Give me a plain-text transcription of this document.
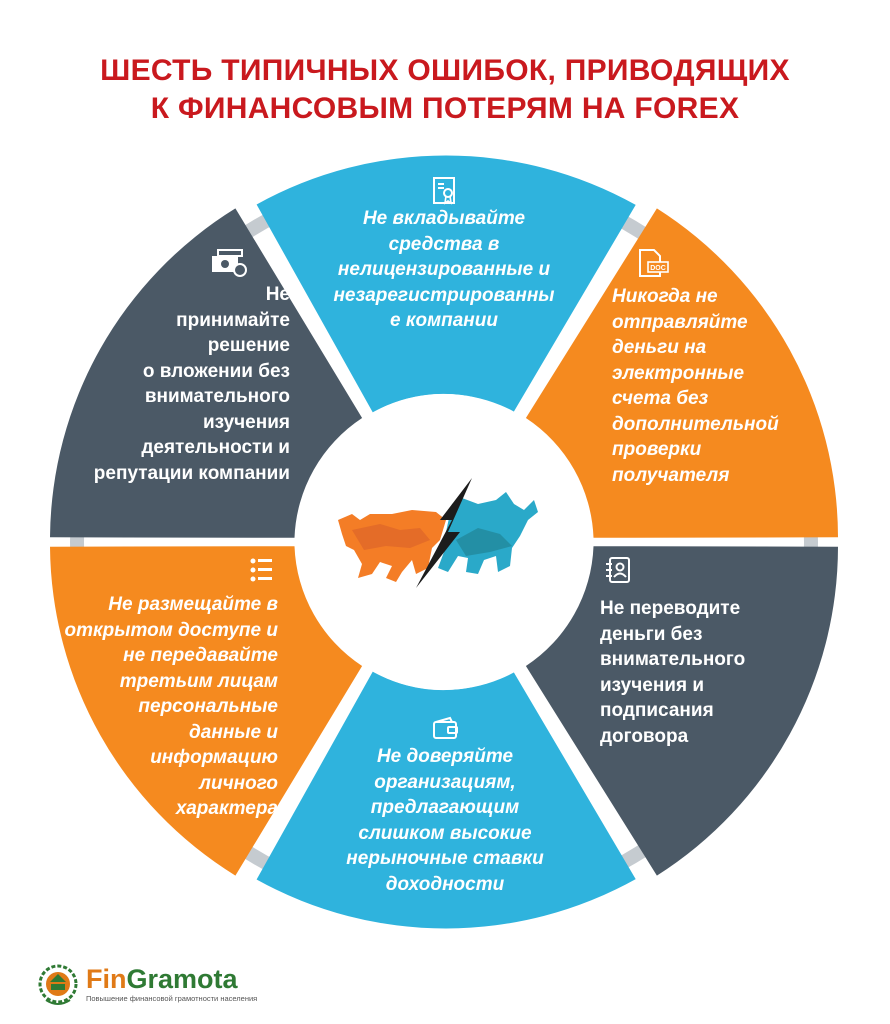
ШЕСТЬ ТИПИЧНЫХ ОШИБОК, ПРИВОДЯЩИХ
К ФИНАНСОВЫМ ПОТЕРЯМ НА FOREX
DOC
Не вкладывайте
средства в
нелицензированные и
незарегистрированны
е компании
Никогда не
отправляйте
деньги на
электронные
счета без
дополнительной
проверки
получателя
Не переводите
деньги без
внимательного
изучения и
подписания
договора
Не доверяйте
организациям,
предлагающим
слишком высокие
нерыночные ставки
доходности
Не размещайте в
открытом доступе и
не передавайте
третьим лицам
персональные
данные и
информацию
личного
характера
Не
принимайте
решение
о вложении без
внимательного
изучения
деятельности и
репутации компании
FinGramota
Повышение финансовой грамотности населения
